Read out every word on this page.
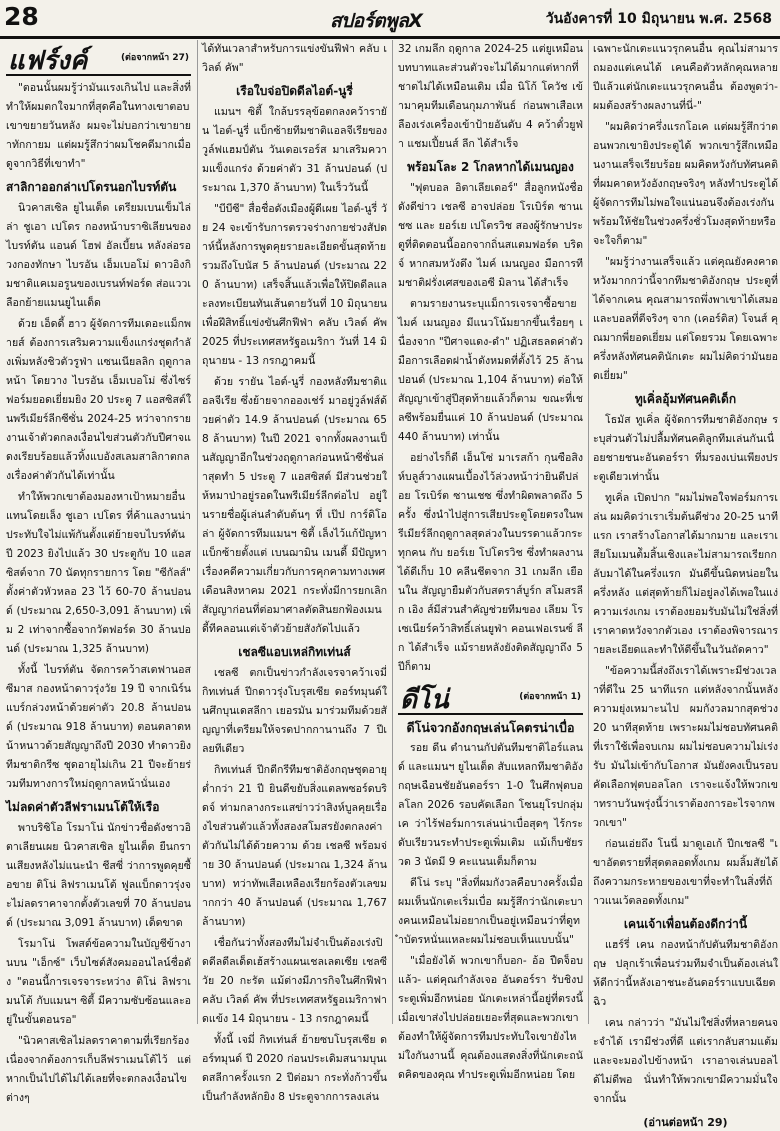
28	สปอร์ตพูลX	วันอังคารที่ 10 มิถุนายน พ.ศ. 2568
แฟร์งค์	(ต่อจากหน้า 27)

"ตอนนั้นผมรู้ว่ามันแรงเกินไป และสิ่งที่ทำให้ผมตกใจมากที่สุดคือในทางเขาตอบเขาขยายวันหลัง ผมจะไม่บอกว่าเขายายาทักกายม แต่ผมรู้สึกว่าผมโชคดีมากเมื่อดูจากวิธีที่เขาทำ"

สาลิกาออกล่าเปโดรนอกไบรท์ตัน

นิวคาสเซิล ยูไนเต็ด เตรียมเบนเข็มไล่ล่า ชูเอา เปโดร กองหน้าบราซิเลียนของ ไบรท์ตัน แอนด์ โฮฟ อัลเบี้ยน หลังล่อรอวงกองทักษา ไบรอัน เอ็มเบอโม่ ดาวอิงกิมชาติแคเมอรูนของเบรนท์ฟอร์ด ส่อแววเลือกย้ายแมนยูไนเต็ด

ด้วย เอ็ดดี้ ฮาว ผู้จัดการทีมเดอะแม็กพายส์ ต้องการเสริมความแข็งแกร่งชุดกำลังเพิ่มหลังชิวตัวรูฟ่า แซนเนียลลิก ฤดูกาลหน้า โดยวาง ไบรอัน เอ็มเบอโม่ ซึ่งไซร์ฟอร์มยอดเยี่ยมยิง 20 ประตู 7 แอสซิสต์ในพรีเมียร์ลีกซีซั่น 2024-25 หว่าจากรายงานเจ้าตัวตกลงเงื่อนไขส่วนตัวกับปีศาจแดงเรียบร้อยแล้วทิ้งแบอังสเลมสาลิกาตกลงเรื่องค่าตัวกันได้เท่านั้น

ทำให้พวกเขาต้องมองหาเป้าหมายอื่นแทนโดยเล็ง ชูเอา เปโดร ที่ค้าแลงานน่าประทับใจไม่แพ้กันตั้งแต่ย้ายจบไบรท์ตัน ปี 2023 ยิงไปแล้ว 30 ประตูกับ 10 แอสซิสต์จาก 70 นัดทุกรายการ โดย "ซีกัลส์" ตั้งค่าตัวหัวหลอ 23 ไว้ 60-70 ล้านปอนด์ (ประมาณ 2,650-3,091 ล้านบาท) เพิ่ม 2 เท่าจากซื้อจากวัตฟอร์ด 30 ล้านปอนด์ (ประมาณ 1,325 ล้านบาท)

ทั้งนี้ ไบรท์ตัน จัดการคว้าสเตฟานอส ซีมาส กองหน้าดาวรุ่งวัย 19 ปี จากเนิร์นแบร์กล่วงหน้าด้วยค่าตัว 20.8 ล้านปอนด์ (ประมาณ 918 ล้านบาท) ตอนตลาดหน้าหนาวด้วยสัญญาถึงปี 2030 ทำดาวยิงทีมชาติกรีซ ชุดอายุไม่เกิน 21 ปีจะย้ายร่วมทีมทางการใหม่ฤดูกาลหน้านั่นเอง

ไม่ลดค่าตัวลีฟราเมนโต้ให้เรือ

พาบริซิโอ โรมาโน่ นักข่าวชื่อดังชาวอิตาเลียนเผย นิวคาสเซิล ยูไนเต็ด ยืนกรานเสียงหลังไม่แนะนำ ชีสซี่ ว่าการพูดคุยซื้อขาย ติโน่ ลิฟราเมนโต้ ฟูลแบ็กดาวรุ่งจะไม่ลดราคาจากตั้งตัวเลขที่ 70 ล้านปอนด์ (ประมาณ 3,091 ล้านบาท) เด็ดขาด

โรมาโน่ โพสต์ข้อความในบัญชีข้างานบน "เอ็กซ์" เว็บไซต์สังคมออนไลน์ชื่อดัง "ตอนนี้การเจรจาระหว่าง ติโน่ ลิฟราเมนโต้ กับแมนฯ ซิตี้ มีความซับซ้อนและอยู่ในขั้นตอนรอ"

"นิวคาสเซิลไม่ลดราคาตามที่เรียกร้อง เนื่องจากต้องการเก็บลีฟราเมนโต้ไว้ แต่หากเป็นไปได้ไม่ได้เลยที่จะตกลงเงื่อนไขต่างๆ

ได้ทันเวลาสำหรับการแข่งขันฟีฟ่า คลับ เวิลด์ คัพ"

เรือใบจ่อปิดดีลไอต์-นูรี่

แมนฯ ซิตี้ ใกล้บรรลุข้อตกลงคว้ารายัน ไอต์-นูรี่ แบ็กซ้ายทีมชาติแอลจีเรียของ วูล์ฟแฮมป์ตัน วันเดอเรอร์ส มาเสริมความแข็งแกร่ง ด้วยค่าตัว 31 ล้านปอนด์ (ประมาณ 1,370 ล้านบาท) ในเร็ววันนี้

"บีบีซี" สื่อชื่อดังเมืองผู้ดีเผย ไอต์-นูรี่ วัย 24 จะเข้ารับการตรวจร่างกายช่วงสัปดาห์นี้หลังการพูดคุยรายละเอียดขั้นสุดท้ายรวมถึงโบนัส 5 ล้านปอนด์ (ประมาณ 220 ล้านบาท) เสร็จสิ้นแล้วเพื่อให้ปิดดีลและลงทะเบียนทันเส้นตายวันที่ 10 มิถุนายน เพื่อฝึสิทธิ์แข่งขันศึกฟีฟ่า คลับ เวิลด์ คัพ 2025 ที่ประเทศสหรัฐอเมริกา วันที่ 14 มิถุนายน - 13 กรกฎาคมนี้

ด้วย รายัน ไอต์-นูรี่ กองหลังทีมชาติแอลจีเรีย ซึ่งย้ายจากอองเช่ร์ มาอยู่วูล์ฟส์ด้วยค่าตัว 14.9 ล้านปอนด์ (ประมาณ 658 ล้านบาท) ในปี 2021 จากทั้งผลงานเป็นสัญญาอีกในช่วงฤดูกาลก่อนหน้าซีซั่นล่าสุดทำ 5 ประตู 7 แอสซิสต์ มีส่วนช่วยให้หมาป่าอยู่รอดในพรีเมียร์ลีกต่อไป อยู่ในรายชื่อผู้เล่นลำดับต้นๆ ที่ เป๊ป การ์ดิโอล่า ผู้จัดการทีมแมนฯ ซิตี้ เล็งไว้แก้ปัญหาแบ็กซ้ายตั้งแต่ เบนฌามิน เมนดี้ มีปัญหาเรื่องคดีความเกี่ยวกับการคุกคามทางเพศเดือนสิงหาคม 2021 กระทั่งมีการยกเลิกสัญญาก่อนที่ต่อมาศาลตัดสินยกฟ้องเมนดี้ทีคลอนแต่เจ้าตัวย้ายสังกัดไปแล้ว

เชลซีแอบเหล่กิทเท่นส์

เชลซี ตกเป็นข่าวกำลังเจรจาคว้าเจมี่ กิทเท่นส์ ปีกดาวรุ่งโบรุสเซีย ดอร์ทมุนด์ในศึกบุนเดสลีกา เยอรมัน มาร่วมทีมด้วยสัญญาที่เตรียมให้จรดปากกานานถึง 7 ปีเลยทีเดียว

กิทเท่นส์ ปีกดีกรีทีมชาติอังกฤษชุดอายุต่ำกว่า 21 ปี ยินดีขยับสิ่งแตลพซอร์ดบริดจ์ ท่ามกลางกระแสข่าวว่าสิงห์บูลคุยเรื่องไขส่วนตัวแล้วทั้งสองสโมสรยังตกลงค่าตัวกันไม่ได้ด้วยความ ด้วย เชลซี พร้อมจ่าย 30 ล้านปอนด์ (ประมาณ 1,324 ล้านบาท) ทว่าทัพเสือเหลืองเรียกร้องตัวเลขมากกว่า 40 ล้านปอนด์ (ประมาณ 1,767 ล้านบาท)

เชื่อกันว่าทั้งสองทีมไม่จำเป็นต้องเร่งปิดดีลดีลเด็ดเฮ้สร้างแผนเชลเลตเซีย เชลซี วัย 20 กะรัต แม้ต่างมีภารกิจในศึกฟีฟ่า คลับ เวิลด์ คัพ ที่ประเทศสหรัฐอเมริกาฟาดแข้ง 14 มิถุนายน - 13 กรกฎาคมนี้

ทั้งนี้ เจมี่ กิทเท่นส์ ย้ายซบโบรุสเซีย ดอร์ทมุนด์ ปี 2020 ก่อนประเดิมสนามบุนเดสลีกาครั้งแรก 2 ปีต่อมา กระทั่งก้าวขึ้นเป็นกำลังหลักยิง 8 ประตูจากการลงเล่น

32 เกมลีก ฤดูกาล 2024-25 แต่ยูเหมือนบทบาทและส่วนตัวจะไม่ได้มากแต่หากที่ชาตไม่ได้เหมือนเดิม เมื่อ นิโก้ โควัช เข้ามาคุมทีมเดือนกุมภาพันธ์ ก่อนพาเสือเหลืองเร่งเครื่องเข้าป้ายอันดับ 4 คว้าตั๋วยูฟ่า แชมเปี้ยนส์ ลีก ได้สำเร็จ

พร้อมโละ 2 โกลหากได้เมนญอง

"ฟุตบอล อิตาเลียเดอร์" สื่อลูกหนังชื่อดังดีข่าว เชลซี อาจปล่อย โรเบิร์ต ซานเชซ และ ยอร์เย เปโตรวิช สองผู้รักษาประตูที่ติดตอนนี้ออกจากถิ่นสแตมฟอร์ด บริดจ์ หากสมหวังดึง ไมค์ เมนญอง มือการทีมชาติฝรั่งเศสของเอซี มิลาน ได้สำเร็จ

ตามรายงานระบุแม็การเจรจาซื้อขาย ไมค์ เมนญอง มีแนวโน้มยากขึ้นเรื่อยๆ เนื่องจาก "ปีศาจแดง-ดำ" ปฏิเสธลดค่าตัวมือการเลือดฝาน้ำดังหมดที่ตั้งไว้ 25 ล้านปอนด์ (ประมาณ 1,104 ล้านบาท) ต่อให้สัญญาเข้าสู่ปีสุดท้ายแล้วก็ตาม ขณะที่เชลซีพร้อมยื่นแค่ 10 ล้านปอนด์ (ประมาณ 440 ล้านบาท) เท่านั้น

อย่างไรก็ดี เอ็นโซ่ มาเรสก้า กุนซือสิงห์บลูส์วางแผนเบื้องไว้ล่วงหน้าว่ายินดีปล่อย โรเบิร์ต ซานเชซ ซึ่งทำผิดพลาดถึง 5 ครั้ง ซึ่งนำไปสู่การเสียประตูโดยตรงในพรีเมียร์ลีกฤดูกาลสุดล่วงในบรรดาแล้วกระทุกคน กับ ยอร์เย โปโตรวิช ซึ่งทำผลงานได้ดีเก็บ 10 คลีนชีตจาก 31 เกมลีก เยือนใน สัญญายืมตัวกับสตราส์บูร์ก สโมสรลีก เอิง ส์มีส่วนสำคัญช่วยทีมของ เลียม โรเซเนียร์คว้าสิทธิ์เล่นยูฟ่า คอนเฟอเรนซ์ ลีก ได้สำเร็จ แม้รายหลังยังติดสัญญาถึง 5 ปีก็ตาม

ดีโน่	(ต่อจากหน้า 1)
ดีโน่จวกอังกฤษเล่นโคตรน่าเบื่อ

รอย ดีน ตำนานกัปตันทีมชาติไอร์แลนด์ และแมนฯ ยูไนเต็ด สับแหลกทีมชาติอังกฤษเฉือนชัยอันดอร์รา 1-0 ในศึกฟุตบอลโลก 2026 รอบคัดเลือก โซนยุโรปกลุ่ม เค ว่าไร้ฟอร์มการเล่นน่าเบื่อสุดๆ ไร้กระดับเรียวนระทำประตูเพิ่มเติม แม้เก็บชัยรวด 3 นัดมี 9 คะแนนเต็มก็ตาม

ดีโน่ ระบุ "สิ่งที่ผมกังวลคือบางครั้งเมื่อผมเห็นนักเตะเริ่มเบื่อ ผมรู้สึกว่านักเตะบางคนเหมือนไม่อยากเป็นอยู่เหมือนว่าที่ดูทำบัตรหนั่นแหละผมไม่ชอบเห็นแบบนั้น"

"เมื่อยังได้ พวกเขาก็บอก- อ้อ ปืดจ็อบแล้ว- แต่คุณกำลังเจอ อันดอร์รา รับชิงประตูเพิ่มอีกหน่อย นักเตะเหล่านี้อยู่ที่ตรงนี้ เมื่อเขาส่งไปปล่อยเยอะที่สุดและพวกเขาต้องทำให้ผู้จัดการทีมประทับใจเขายังไหม่ใงกันงานนี้ คุณต้องแสดงสิ่งที่นักเตะถนัดคิดของคุณ ทำประตูเพิ่มอีกหน่อย โดย

เฉพาะนักเตะแนวรุกคนอื่น คุณไม่สามารถมองแต่เคนได้ เคนคือตัวหลักคุณหลายปีแล้วแต่นักเตะแนวรุกคนอื่น ต้องพูดว่า-ผมต้องสร้างผลงานที่นี่-"

"ผมคิดว่าครึ่งแรกโอเค แต่ผมรู้สึกว่าตอนพวกเขายิงประตูได้ พวกเขารู้สึกเหมือนงานเสร็จเรียบร้อย ผมคิดหวังกับทัศนคติที่ผมคาดหวังอังกฤษจริงๆ หลังทำประตูได้ ผู้จัดการทีมไม่พอใจแน่นอนจึงต้องเร่งกันพร้อมให้ชัยในช่วงครึ่งชั่วโมงสุดท้ายหรือจะใจก็ตาม"

"ผมรู้ว่างานเสร็จแล้ว แต่คุณยังคงคาดหวังมากกว่านี้จากทีมชาติอังกฤษ ประตูที่ได้จากเคน คุณสามารถพึ่งพาเขาได้เสมอและบอลที่ตีจริงๆ จาก (เคอร์ติส) โจนส์ คุณมากพี่ยอดเยี่ยม แต่โดยรวม โดยเฉพาะครึ่งหลังทัศนคตินักเตะ ผมไม่คิดว่ามันยอดเยี่ยม"

ทูเคิ่ลอุ้มทัศนคติเด็ก

โธมัส ทูเคิ่ล ผู้จัดการทีมชาติอังกฤษ ระบุส่วนตัวไม่ปลื้มทัศนคติลูกทีมเล่นกันเนื่อยชายชนะอันดอร์รา ที่มรองเบ่นเพียงประตูเดียวเท่านั้น

ทูเคิ่ล เปิดปาก "ผมไม่พอใจฟอร์มการเล่น ผมคิดว่าเราเริ่มต้นดีช่วง 20-25 นาทีแรก เราสร้างโอกาสได้มากมาย และเราเสียโมเมนต์ัมสิ้นเชิงและไม่สามารถเรียกกลับมาได้ในครึ่งแรก มันดีขึ้นนิดหน่อยในครึ่งหลัง แต่สุดท้ายก็ไม่อยู่ลงได้เพอในแง่ความเร่งเกม เราต้องยอมรับมันไม่ใช่สิ่งที่เราคาดหวังจากตัวเอง เราต้องพิจารณารายละเอียดและทำให้ดีขึ้นในวันถัดคาว"

"ข้อความนี้ส่งถึงเราได้เพราะมีช่วงเวลาที่ดีใน 25 นาทีแรก แต่หลังจากนั้นหลังความยุ่งเหมาะนไป ผมกังวลมากสุดช่วง 20 นาทีสุดท้าย เพราะผมไม่ชอบทัศนคติที่เราใช้เพื่อจบเกม ผมไม่ชอบความไม่เร่งรับ มันไม่เข้ากับโอกาส มันยังคงเป็นรอบคัดเลือกฟุตบอลโลก เราจะแจ้งให้พวกเขาทราบวันพรุ่งนี้ว่าเราต้องการอะไรจากพวกเขา"

ก่อนเอ่ยถึง โนนี่ มาดูเอเก้ ปีกเชลซี "เขาอัตตรายที่สุดตลอดทั้งเกม ผมลิ้มสัยได้ถึงความกระหายของเขาที่จะทำในสิ่งที่ถ้าวแนเว้ตลอดทั้งเกม"

เคนเจ้าเพื่อนต้องดีกว่านี้

แฮร์รี่ เคน กองหน้ากัปตันทีมชาติอังกฤษ ปลุกเร้าเพื่อนร่วมทีมจำเป็นต้องเล่นให้ดีกว่านี้หลังเอาชนะอันดอร์ราแบบเฉียดฉิว

เคน กล่าวว่า "มันไม่ใช่สิ่งที่หลายคนจะจำได้ เรามีช่วงที่ดี แต่เรากลับสามแต้มและจะมองไปข้างหน้า เราอาจเล่นบอลได้ไม่ดีพอ นั่นทำให้พวกเขามีความมั่นใจ จากนั้น

(อ่านต่อหน้า 29)
